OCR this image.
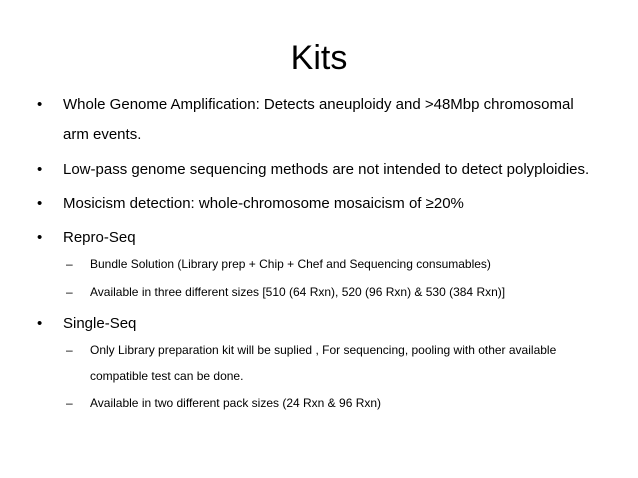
Kits
• Whole Genome Amplification: Detects aneuploidy and >48Mbp chromosomal arm events.
• Low-pass genome sequencing methods are not intended to detect polyploidies.
• Mosicism detection: whole-chromosome mosaicism of ≥20%
• Repro-Seq
– Bundle Solution (Library prep + Chip + Chef and Sequencing consumables)
– Available in three different sizes [510 (64 Rxn), 520 (96 Rxn) & 530 (384 Rxn)]
• Single-Seq
– Only Library preparation kit will be suplied , For sequencing, pooling with other available compatible test can be done.
– Available in two different pack sizes (24 Rxn & 96 Rxn)
